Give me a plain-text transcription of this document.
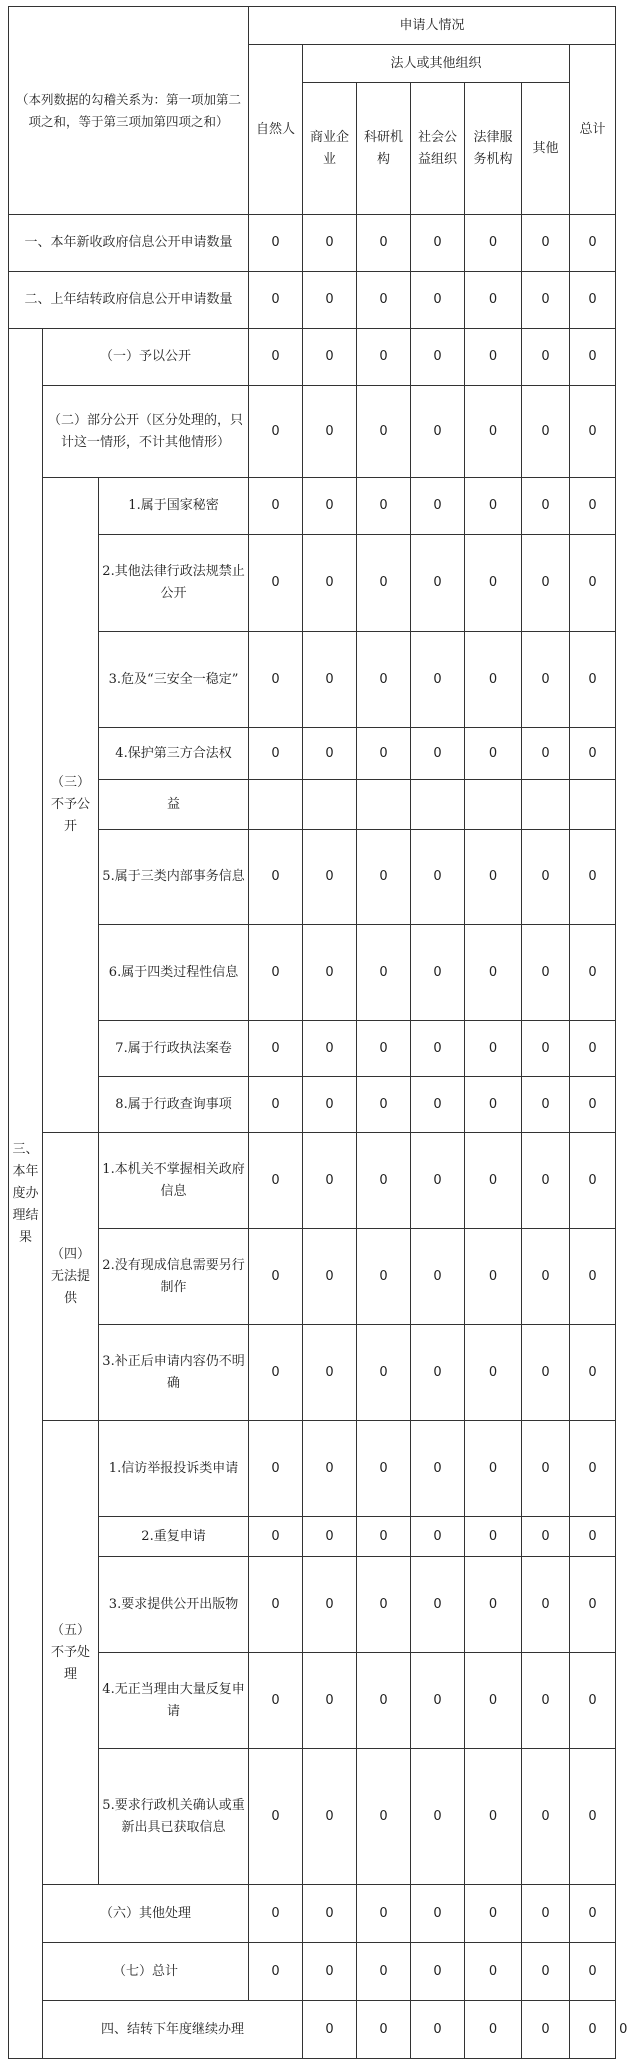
（本列数据的勾稽关系为：第一项加第二项之和，等于第三项加第四项之和）			申请人情况							
			自然人	法人或其他组织					总计	
				商业企业	科研机构	社会公益组织	法律服务机构	其他		
一、本年新收政府信息公开申请数量			0	0	0	0	0	0	0	
二、上年结转政府信息公开申请数量			0	0	0	0	0	0	0	
三、本年度办理结果	（一）予以公开		0	0	0	0	0	0	0	
	（二）部分公开（区分处理的，只计这一情形，不计其他情形）		0	0	0	0	0	0	0	
	（三）不予公开	1.属于国家秘密	0	0	0	0	0	0	0	
		2.其他法律行政法规禁止公开	0	0	0	0	0	0	0	
		3.危及“三安全一稳定”	0	0	0	0	0	0	0	
		4.保护第三方合法权	0	0	0	0	0	0	0	
		益								
		5.属于三类内部事务信息	0	0	0	0	0	0	0	
		6.属于四类过程性信息	0	0	0	0	0	0	0	
		7.属于行政执法案卷	0	0	0	0	0	0	0	
		8.属于行政查询事项	0	0	0	0	0	0	0	
	（四）无法提供	1.本机关不掌握相关政府信息	0	0	0	0	0	0	0	
		2.没有现成信息需要另行制作	0	0	0	0	0	0	0	
		3.补正后申请内容仍不明确	0	0	0	0	0	0	0	
	（五）不予处理	1.信访举报投诉类申请	0	0	0	0	0	0	0	
		2.重复申请	0	0	0	0	0	0	0	
		3.要求提供公开出版物	0	0	0	0	0	0	0	
		4.无正当理由大量反复申请	0	0	0	0	0	0	0	
		5.要求行政机关确认或重新出具已获取信息	0	0	0	0	0	0	0	
	（六）其他处理		0	0	0	0	0	0	0	
	（七）总计		0	0	0	0	0	0	0	
	四、结转下年度继续办理			0	0	0	0	0	0	0
